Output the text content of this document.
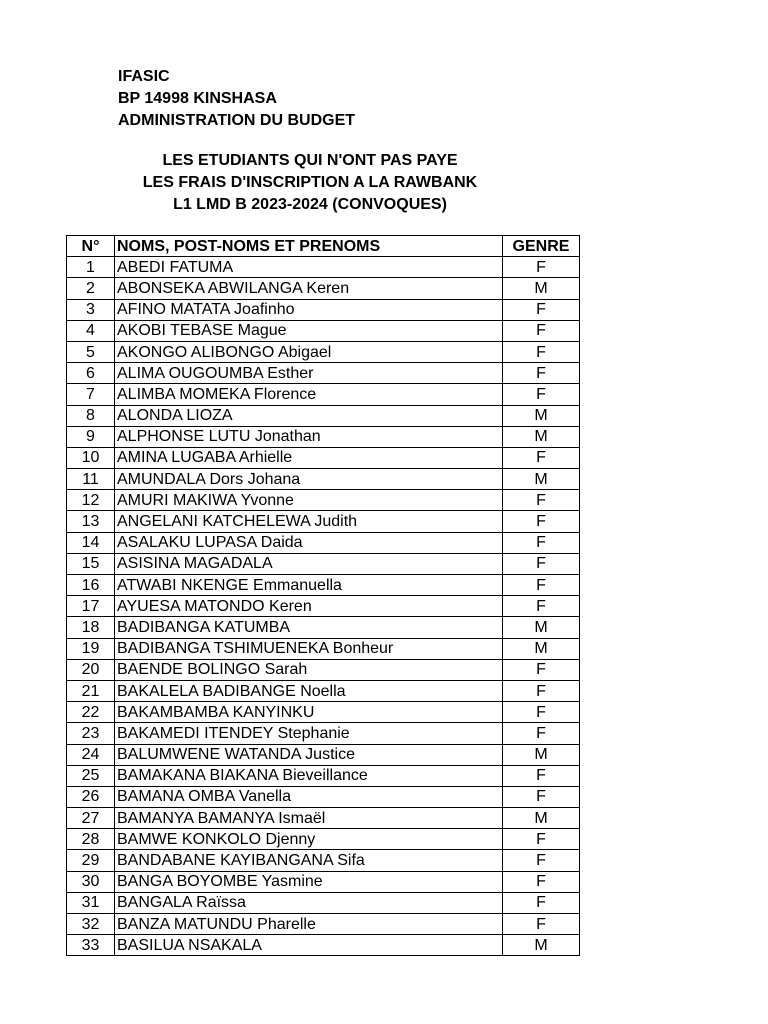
IFASIC
BP 14998 KINSHASA
ADMINISTRATION DU BUDGET
LES ETUDIANTS QUI N'ONT PAS PAYE
LES FRAIS D'INSCRIPTION A LA RAWBANK
L1 LMD B 2023-2024 (CONVOQUES)
N°	NOMS, POST-NOMS ET PRENOMS	GENRE
1	ABEDI FATUMA	F
2	ABONSEKA ABWILANGA Keren	M
3	AFINO MATATA Joafinho	F
4	AKOBI TEBASE Mague	F
5	AKONGO ALIBONGO Abigael	F
6	ALIMA OUGOUMBA Esther	F
7	ALIMBA MOMEKA Florence	F
8	ALONDA LIOZA	M
9	ALPHONSE LUTU Jonathan	M
10	AMINA LUGABA Arhielle	F
11	AMUNDALA Dors Johana	M
12	AMURI MAKIWA Yvonne	F
13	ANGELANI KATCHELEWA Judith	F
14	ASALAKU LUPASA Daida	F
15	ASISINA MAGADALA	F
16	ATWABI NKENGE Emmanuella	F
17	AYUESA MATONDO Keren	F
18	BADIBANGA KATUMBA	M
19	BADIBANGA TSHIMUENEKA Bonheur	M
20	BAENDE BOLINGO Sarah	F
21	BAKALELA BADIBANGE Noella	F
22	BAKAMBAMBA KANYINKU	F
23	BAKAMEDI ITENDEY Stephanie	F
24	BALUMWENE WATANDA Justice	M
25	BAMAKANA BIAKANA Bieveillance	F
26	BAMANA OMBA Vanella	F
27	BAMANYA BAMANYA Ismaël	M
28	BAMWE KONKOLO Djenny	F
29	BANDABANE KAYIBANGANA Sifa	F
30	BANGA BOYOMBE Yasmine	F
31	BANGALA Raïssa	F
32	BANZA MATUNDU Pharelle	F
33	BASILUA NSAKALA	M
